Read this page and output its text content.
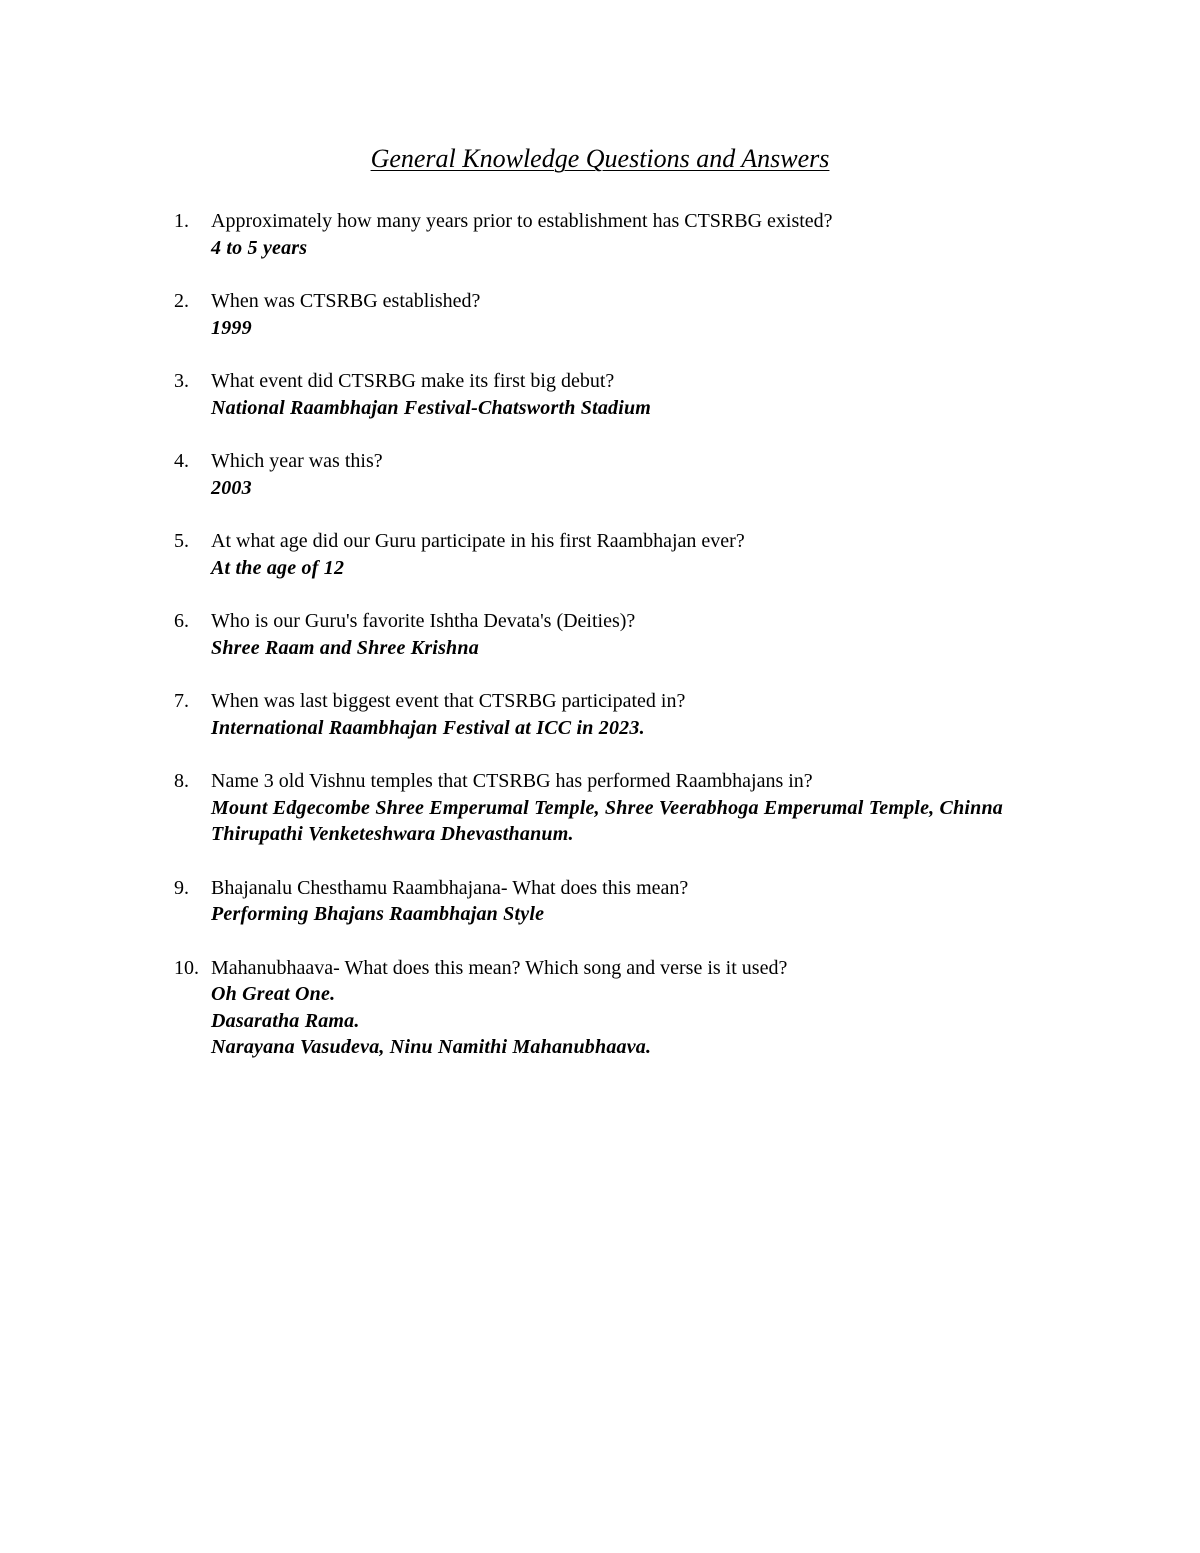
General Knowledge Questions and Answers
1. Approximately how many years prior to establishment has CTSRBG existed?
4 to 5 years
2. When was CTSRBG established?
1999
3. What event did CTSRBG make its first big debut?
National Raambhajan Festival-Chatsworth Stadium
4. Which year was this?
2003
5. At what age did our Guru participate in his first Raambhajan ever?
At the age of 12
6. Who is our Guru's favorite Ishtha Devata's (Deities)?
Shree Raam and Shree Krishna
7. When was last biggest event that CTSRBG participated in?
International Raambhajan Festival at ICC in 2023.
8. Name 3 old Vishnu temples that CTSRBG has performed Raambhajans in?
Mount Edgecombe Shree Emperumal Temple, Shree Veerabhoga Emperumal Temple, Chinna Thirupathi Venketeshwara Dhevasthanum.
9. Bhajanalu Chesthamu Raambhajana- What does this mean?
Performing Bhajans Raambhajan Style
10. Mahanubhaava- What does this mean? Which song and verse is it used?
Oh Great One.
Dasaratha Rama.
Narayana Vasudeva, Ninu Namithi Mahanubhaava.
